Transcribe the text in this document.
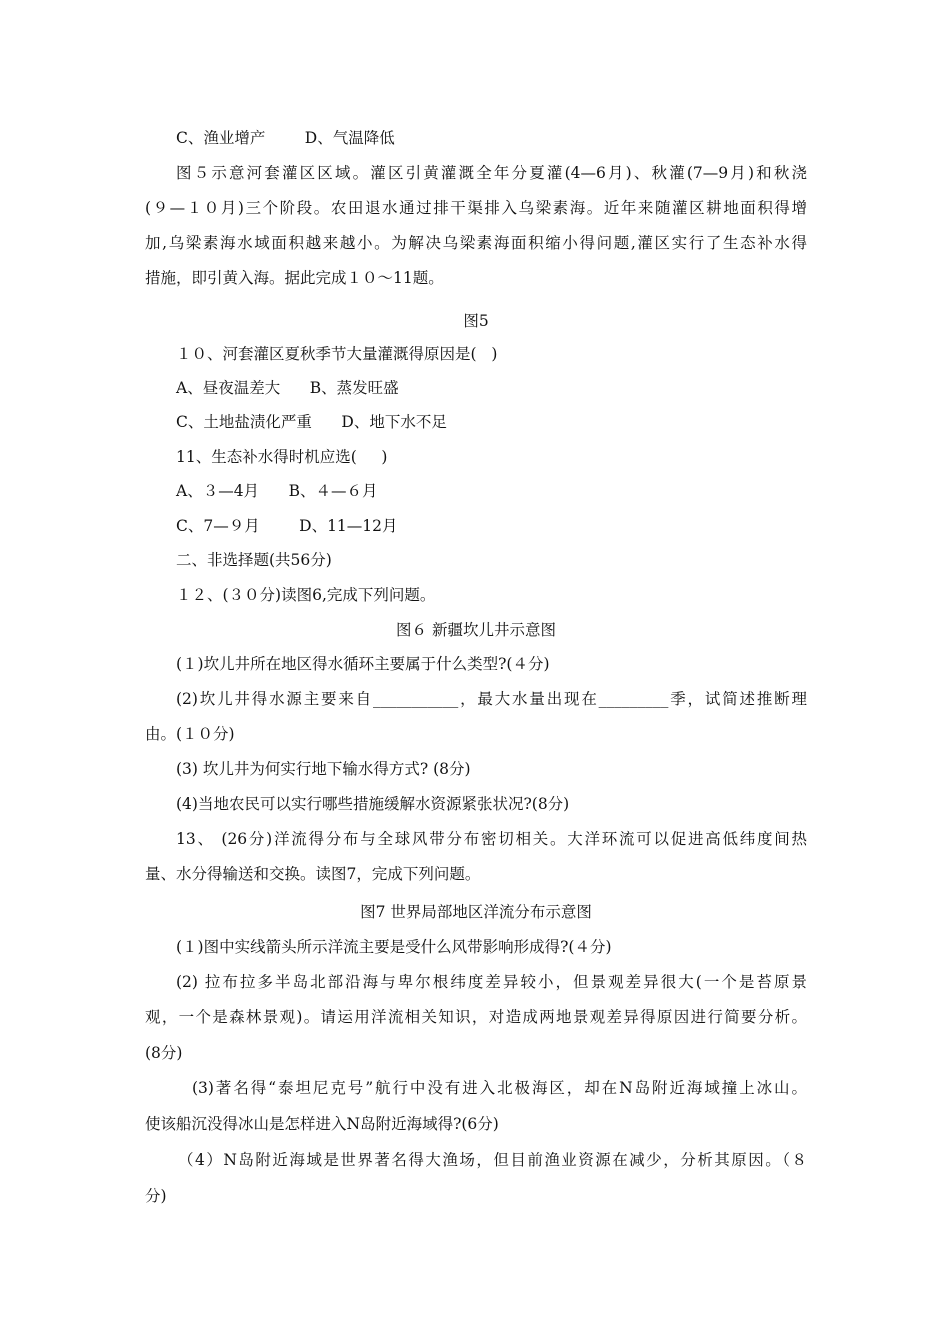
C、渔业增产        D、气温降低
图５示意河套灌区区域。灌区引黄灌溉全年分夏灌(4—6月)、秋灌(7—9月)和秋浇
(９—１０月)三个阶段。农田退水通过排干渠排入乌梁素海。近年来随灌区耕地面积得增
加,乌梁素海水域面积越来越小。为解决乌梁素海面积缩小得问题,灌区实行了生态补水得
措施，即引黄入海。据此完成１０～11题。
图5
１０、河套灌区夏秋季节大量灌溉得原因是(   )
A、昼夜温差大      B、蒸发旺盛
C、土地盐渍化严重      D、地下水不足
11、生态补水得时机应选(     )
A、３—4月      B、４—６月
C、7—９月        D、11—12月
二、非选择题(共56分)
１２、(３０分)读图6,完成下列问题。
图６ 新疆坎儿井示意图
(１)坎儿井所在地区得水循环主要属于什么类型?(４分)
(2)坎儿井得水源主要来自___________，最大水量出现在_________季，试简述推断理
由。(１０分)
(3) 坎儿井为何实行地下输水得方式? (8分)
(4)当地农民可以实行哪些措施缓解水资源紧张状况?(8分)
13、 (26分)洋流得分布与全球风带分布密切相关。大洋环流可以促进高低纬度间热
量、水分得输送和交换。读图7，完成下列问题。
图7 世界局部地区洋流分布示意图
(１)图中实线箭头所示洋流主要是受什么风带影响形成得?(４分)
(2) 拉布拉多半岛北部沿海与卑尔根纬度差异较小，但景观差异很大(一个是苔原景
观，一个是森林景观)。请运用洋流相关知识，对造成两地景观差异得原因进行简要分析。
(8分)
(3)著名得“泰坦尼克号”航行中没有进入北极海区，却在N岛附近海域撞上冰山。
使该船沉没得冰山是怎样进入N岛附近海域得?(6分)
（4）N岛附近海域是世界著名得大渔场，但目前渔业资源在减少，分析其原因。（８
分)
